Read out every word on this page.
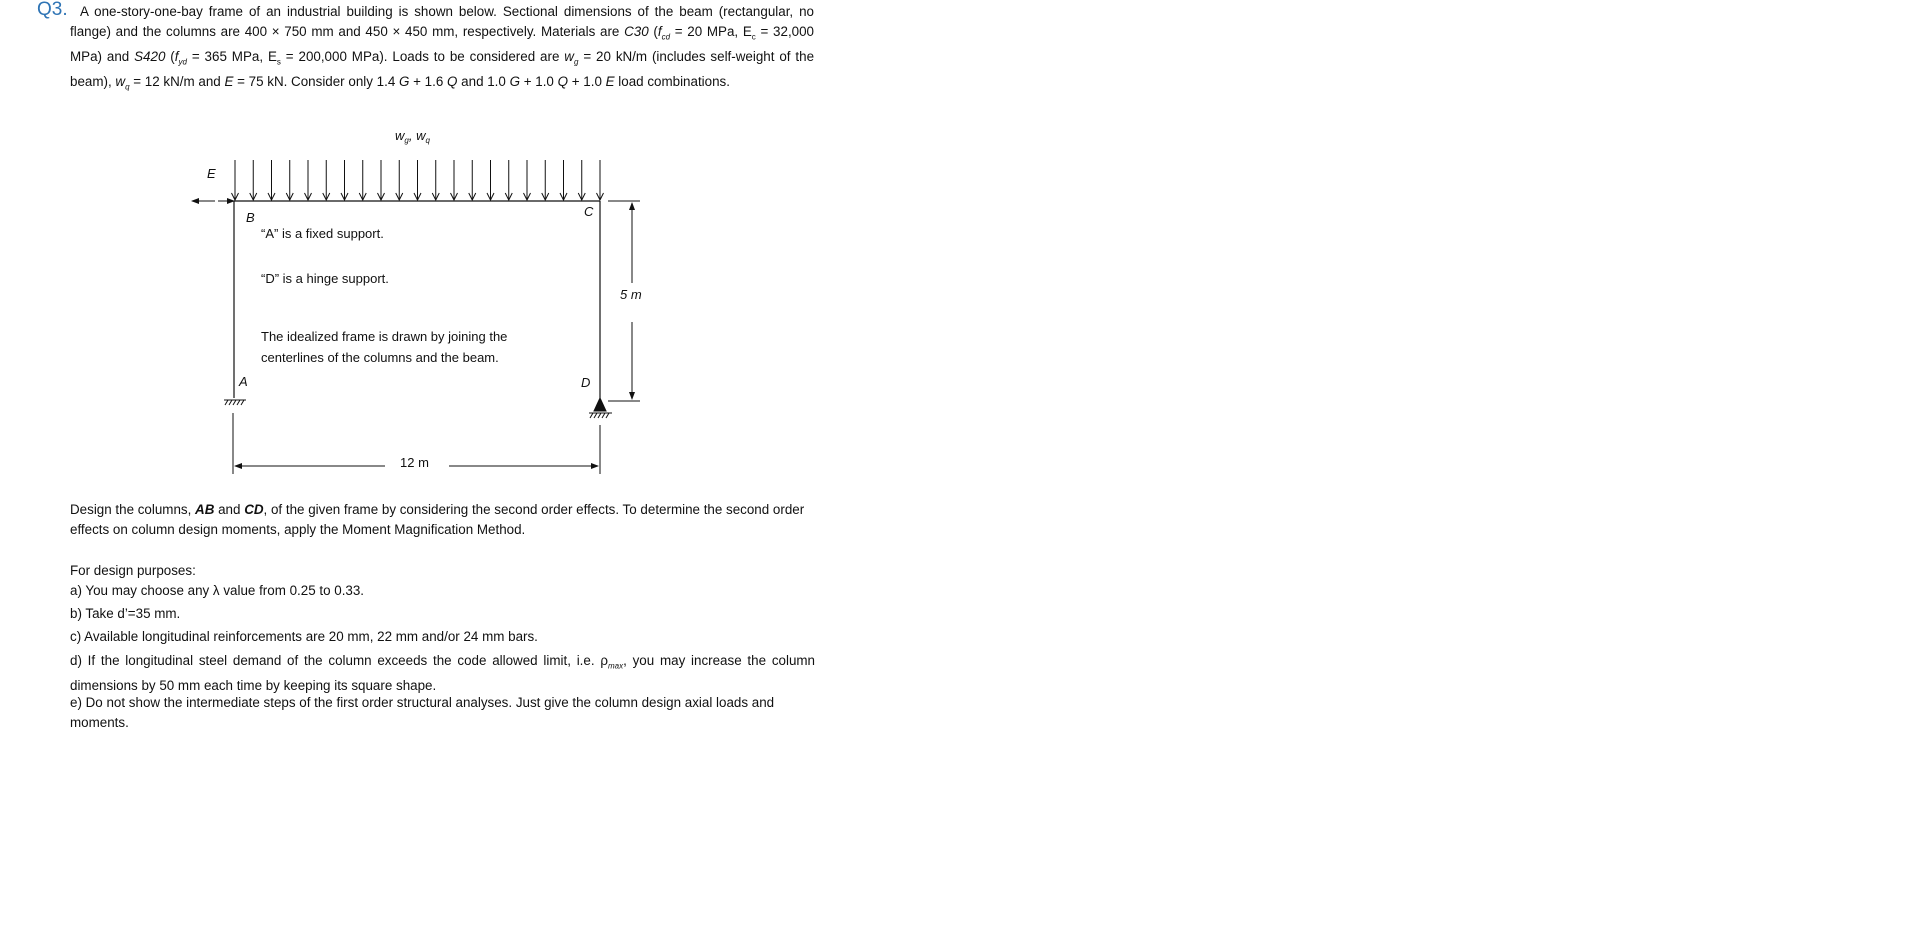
Q3. A one-story-one-bay frame of an industrial building is shown below. Sectional dimensions of the beam (rectangular, no flange) and the columns are 400 × 750 mm and 450 × 450 mm, respectively. Materials are C30 ($f_{cd} = 20$ MPa, $E_c = 32,000$ MPa) and S420 ($f_{yd} = 365$ MPa, $E_s = 200,000$ MPa). Loads to be considered are $w_g = 20$ kN/m (includes self-weight of the beam), $w_q = 12$ kN/m and E = 75 kN. Consider only 1.4 G + 1.6 Q and 1.0 G + 1.0 Q + 1.0 E load combinations.
$w_g$, $w_q$
E
B	C
A	D
“A” is a fixed support.
“D” is a hinge support.
The idealized frame is drawn by joining the
centerlines of the columns and the beam.
5 m
12 m
Design the columns, AB and CD, of the given frame by considering the second order effects. To determine the second order effects on column design moments, apply the Moment Magnification Method.
For design purposes:
a) You may choose any λ value from 0.25 to 0.33.
b) Take d’=35 mm.
c) Available longitudinal reinforcements are 20 mm, 22 mm and/or 24 mm bars.
d) If the longitudinal steel demand of the column exceeds the code allowed limit, i.e. $\rho_{max}$, you may increase the column dimensions by 50 mm each time by keeping its square shape.
e) Do not show the intermediate steps of the first order structural analyses. Just give the column design axial loads and moments.
